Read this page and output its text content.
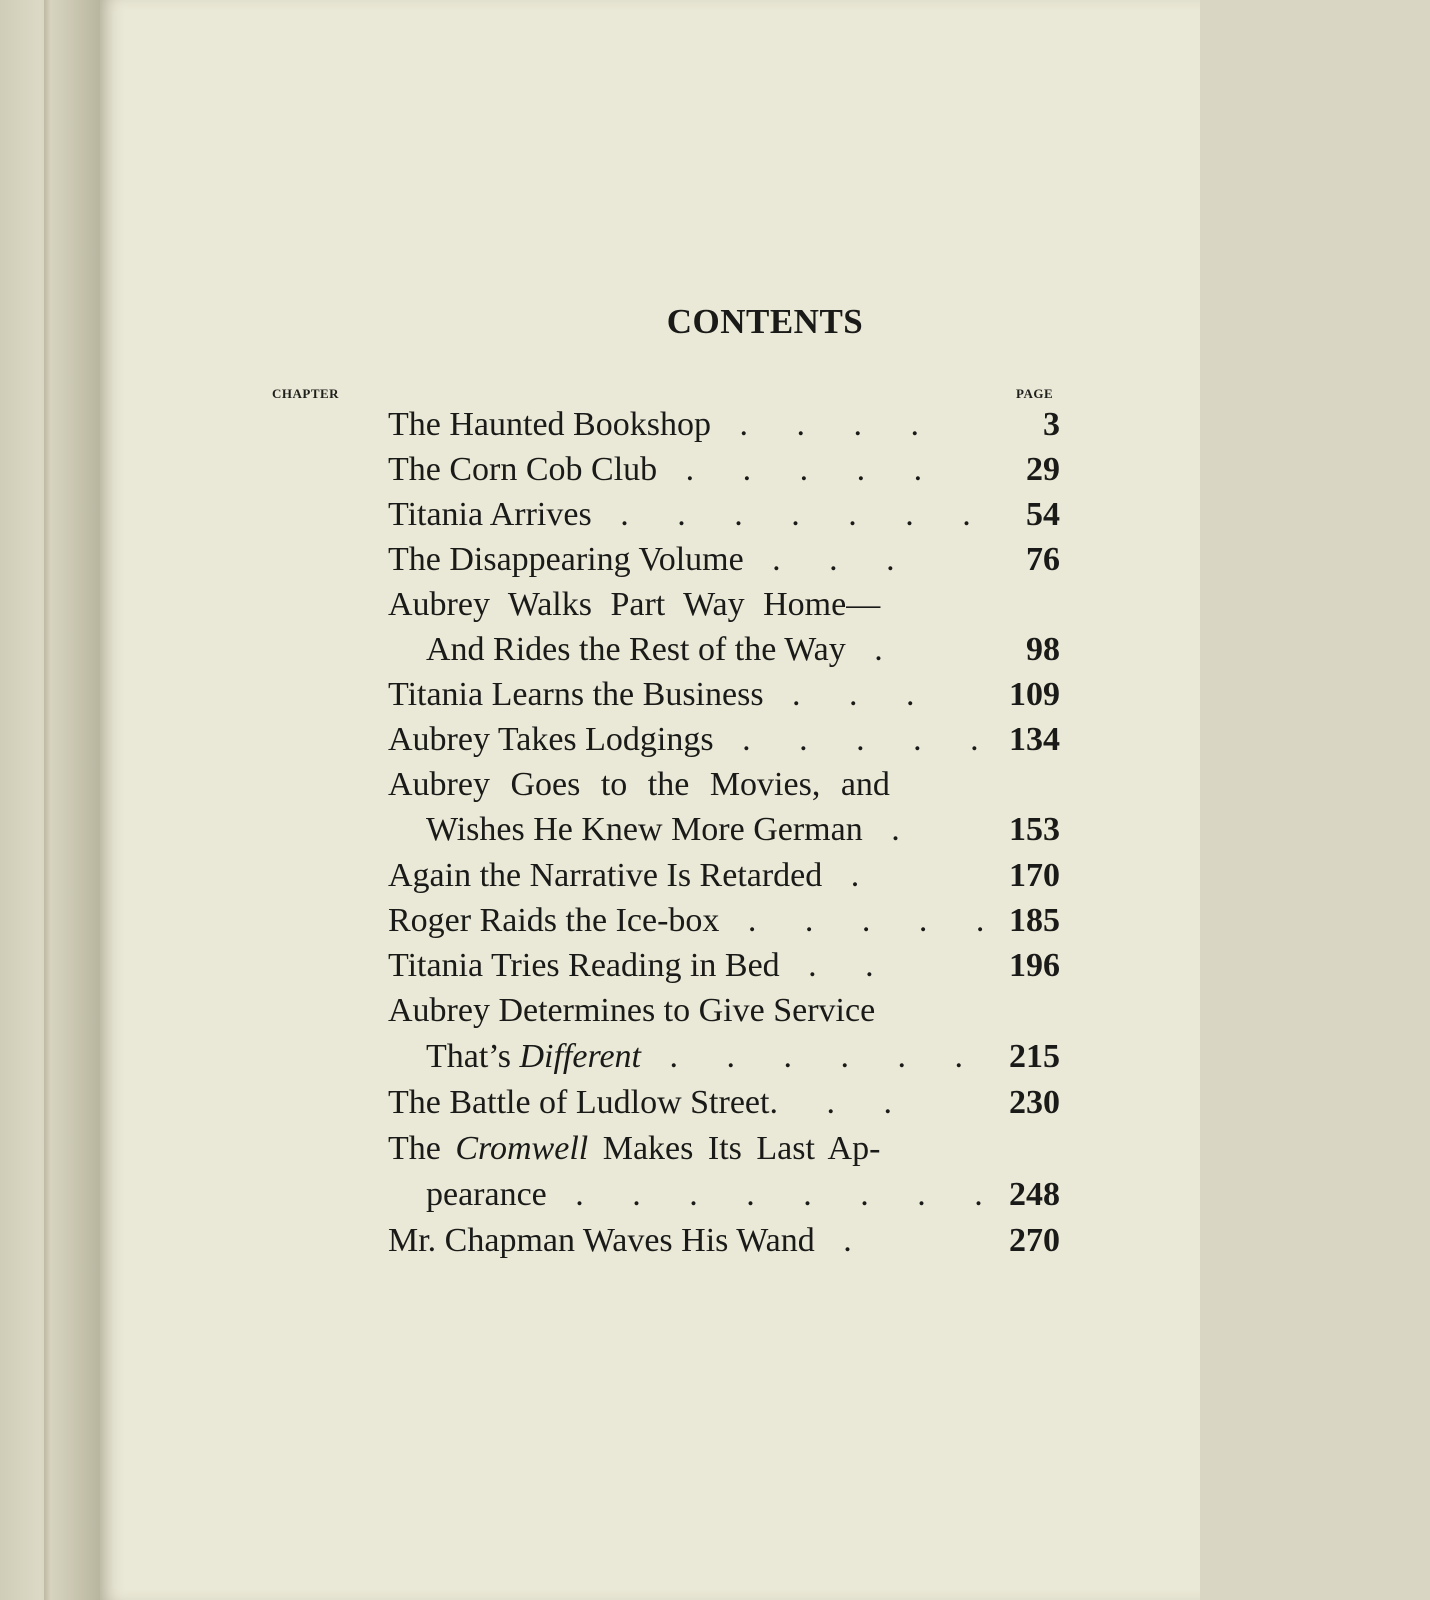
CONTENTS
CHAPTER	PAGE
The Haunted Bookshop . . . .	3
The Corn Cob Club . . . . .	29
Titania Arrives . . . . . . .	54
The Disappearing Volume . . .	76
Aubrey Walks Part Way Home—
And Rides the Rest of the Way .	98
Titania Learns the Business . . .	109
Aubrey Takes Lodgings . . . . . 134
Aubrey Goes to the Movies, and
Wishes He Knew More German .	153
Again the Narrative Is Retarded .	170
Roger Raids the Ice-box . . . . . 185
Titania Tries Reading in Bed . .	196
Aubrey Determines to Give Service
That’s Different . . . . . . 215
The Battle of Ludlow Street. . .	230
The Cromwell Makes Its Last Ap-
pearance . . . . . . . . 248
Mr. Chapman Waves His Wand .	270
